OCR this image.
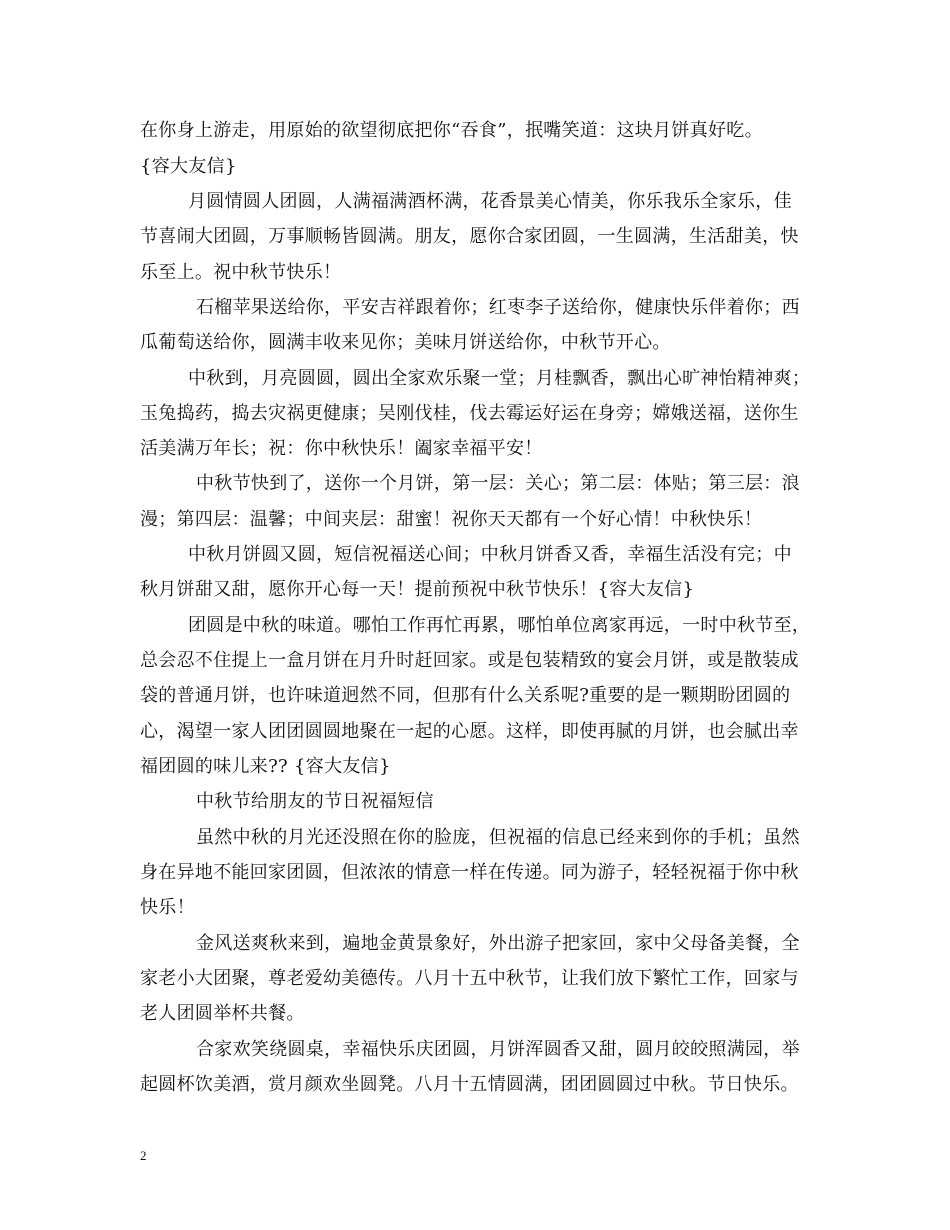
在你身上游走，用原始的欲望彻底把你“吞食”，抿嘴笑道：这块月饼真好吃。
{容大友信}
月圆情圆人团圆，人满福满酒杯满，花香景美心情美，你乐我乐全家乐，佳
节喜闹大团圆，万事顺畅皆圆满。朋友，愿你合家团圆，一生圆满，生活甜美，快
乐至上。祝中秋节快乐！
石榴苹果送给你，平安吉祥跟着你；红枣李子送给你，健康快乐伴着你；西
瓜葡萄送给你，圆满丰收来见你；美味月饼送给你，中秋节开心。
中秋到，月亮圆圆，圆出全家欢乐聚一堂；月桂飘香，飘出心旷神怡精神爽；
玉兔捣药，捣去灾祸更健康；吴刚伐桂，伐去霉运好运在身旁；嫦娥送福，送你生
活美满万年长；祝：你中秋快乐！阖家幸福平安！
中秋节快到了，送你一个月饼，第一层：关心；第二层：体贴；第三层：浪
漫；第四层：温馨；中间夹层：甜蜜！祝你天天都有一个好心情！中秋快乐！
中秋月饼圆又圆，短信祝福送心间；中秋月饼香又香，幸福生活没有完；中
秋月饼甜又甜，愿你开心每一天！提前预祝中秋节快乐！{容大友信}
团圆是中秋的味道。哪怕工作再忙再累，哪怕单位离家再远，一时中秋节至，
总会忍不住提上一盒月饼在月升时赶回家。或是包装精致的宴会月饼，或是散装成
袋的普通月饼，也许味道迥然不同，但那有什么关系呢?重要的是一颗期盼团圆的
心，渴望一家人团团圆圆地聚在一起的心愿。这样，即使再腻的月饼，也会腻出幸
福团圆的味儿来?? {容大友信}
中秋节给朋友的节日祝福短信
虽然中秋的月光还没照在你的脸庞，但祝福的信息已经来到你的手机；虽然
身在异地不能回家团圆，但浓浓的情意一样在传递。同为游子，轻轻祝福于你中秋
快乐！
金风送爽秋来到，遍地金黄景象好，外出游子把家回，家中父母备美餐，全
家老小大团聚，尊老爱幼美德传。八月十五中秋节，让我们放下繁忙工作，回家与
老人团圆举杯共餐。
合家欢笑绕圆桌，幸福快乐庆团圆，月饼浑圆香又甜，圆月皎皎照满园，举
起圆杯饮美酒，赏月颜欢坐圆凳。八月十五情圆满，团团圆圆过中秋。节日快乐。
2
